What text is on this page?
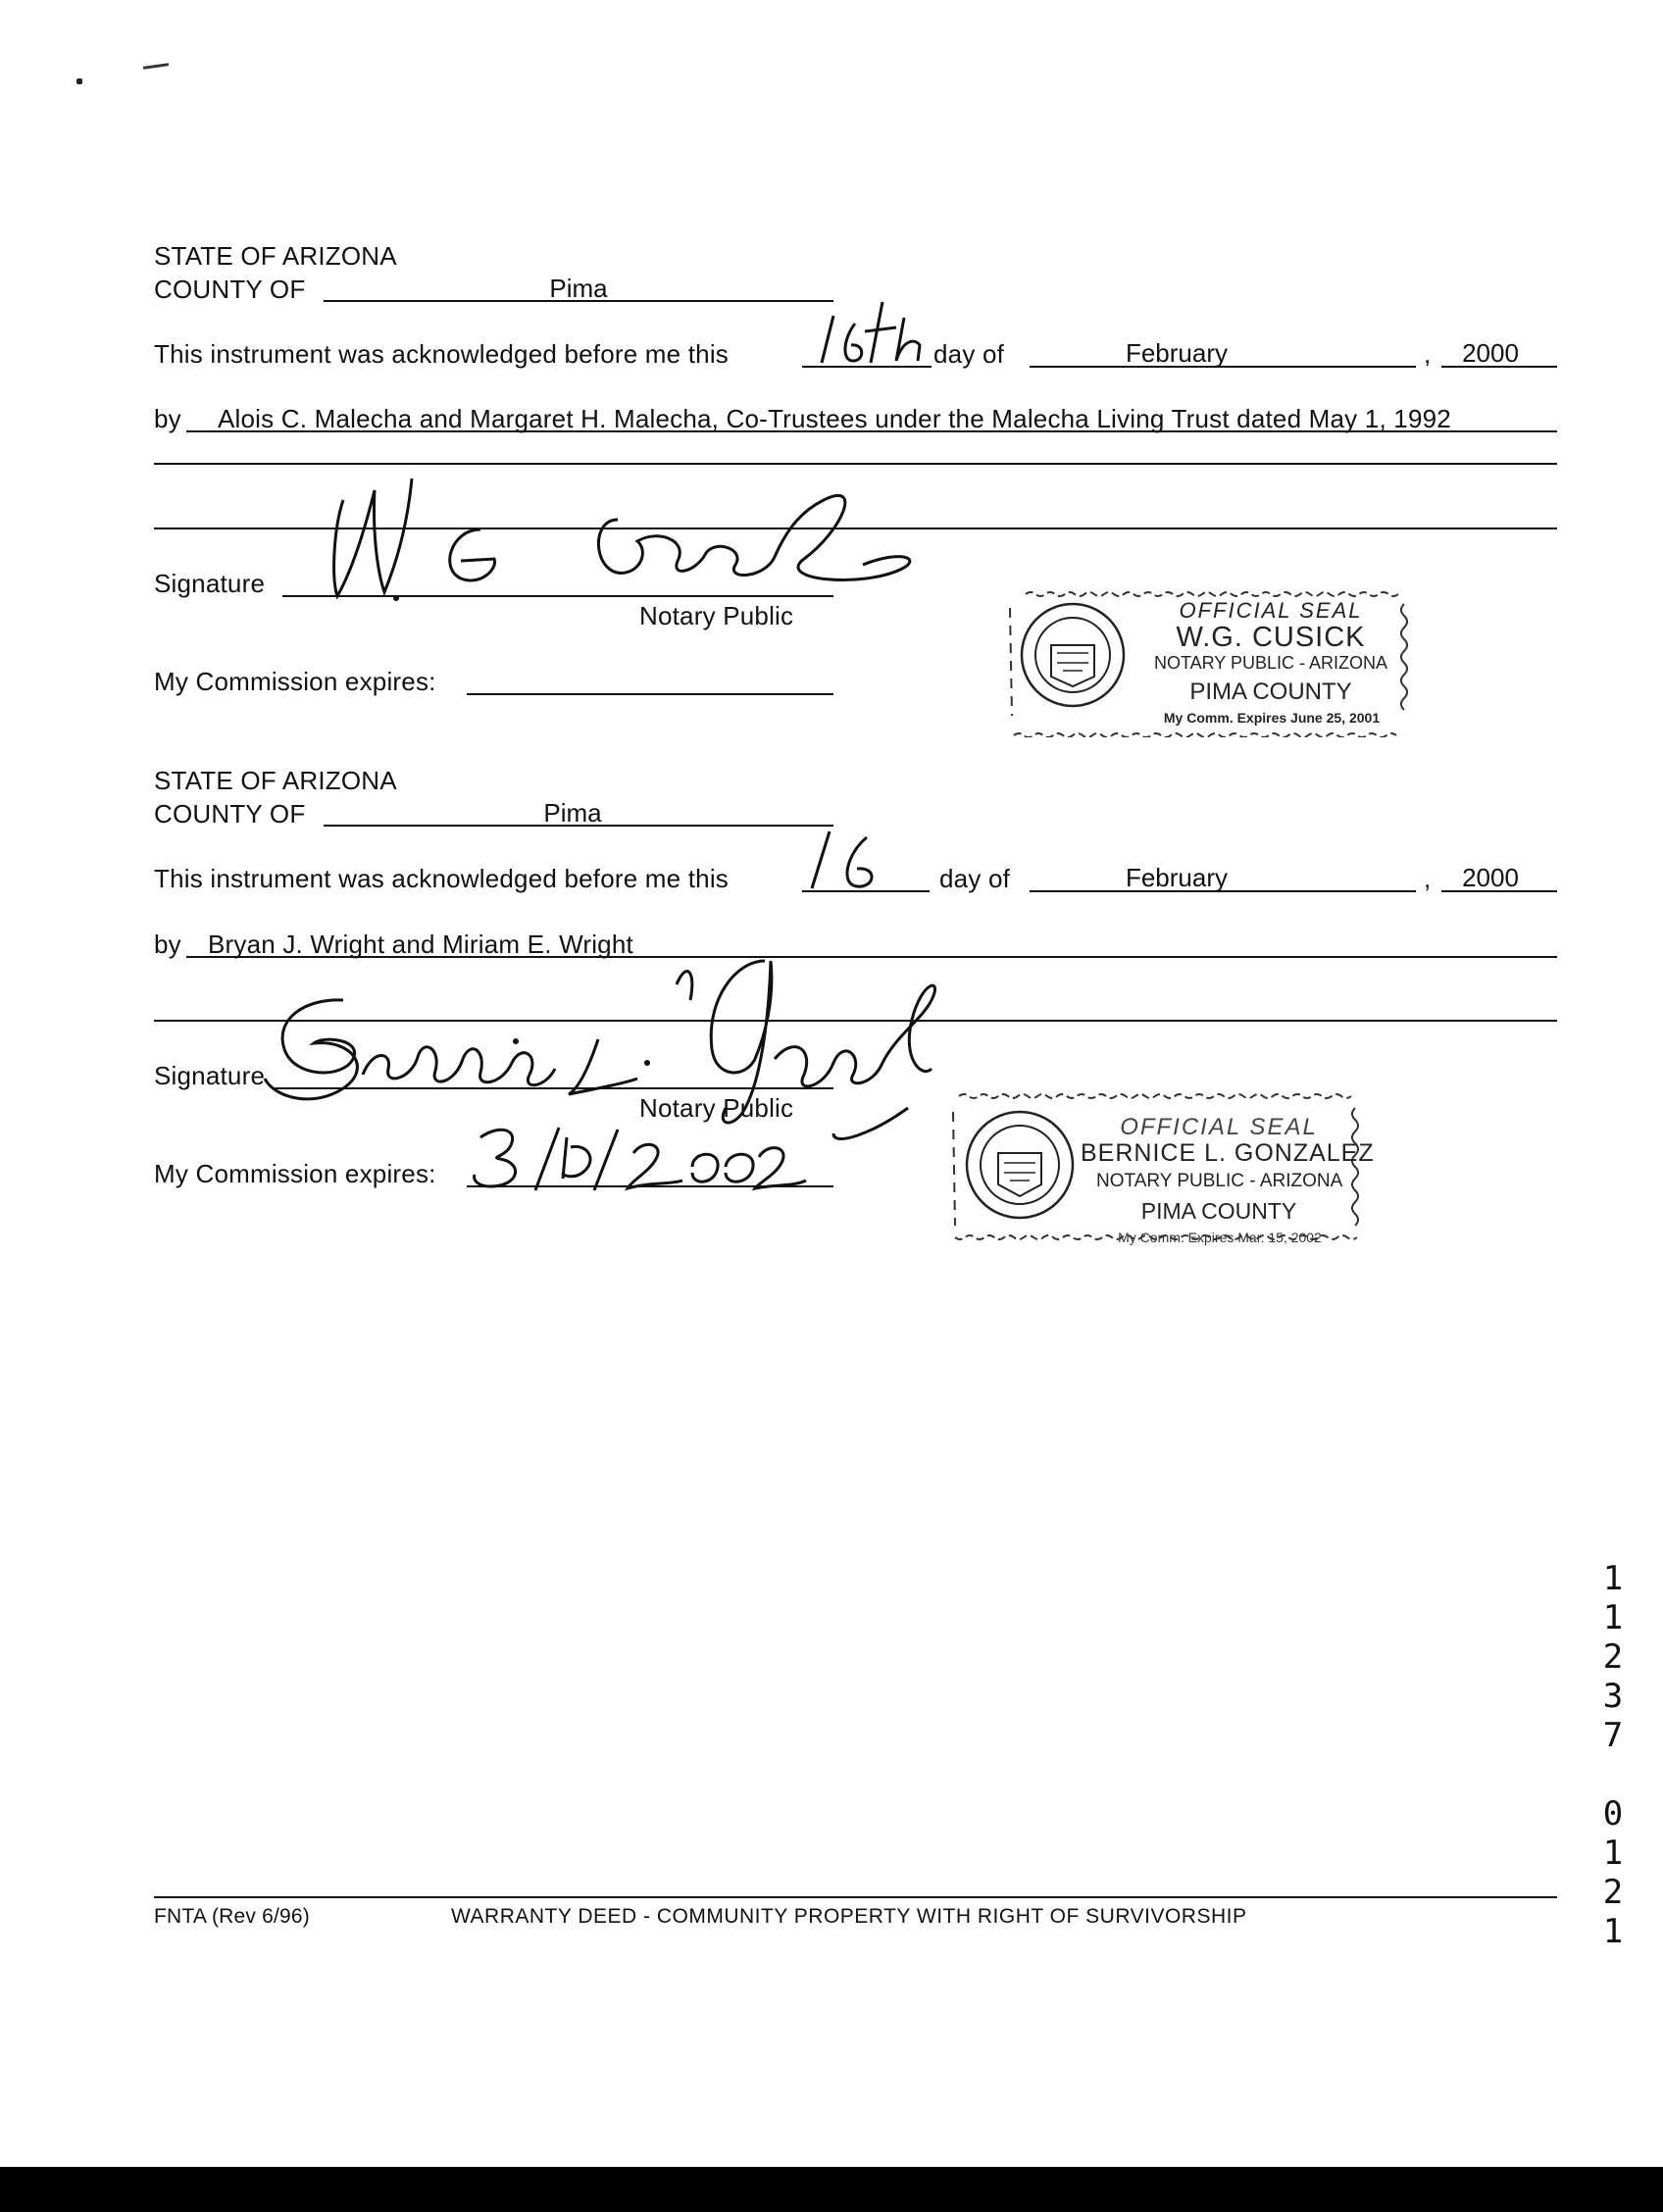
STATE OF ARIZONA
COUNTY OF	Pima
This instrument was acknowledged before me this	day of	February	,	2000
by Alois C. Malecha and Margaret H. Malecha, Co-Trustees under the Malecha Living Trust dated May 1, 1992
Signature
Notary Public
My Commission expires:
OFFICIAL SEAL
W.G. CUSICK
NOTARY PUBLIC - ARIZONA
PIMA COUNTY
My Comm. Expires June 25, 2001
STATE OF ARIZONA
COUNTY OF	Pima
This instrument was acknowledged before me this	day of	February	,	2000
by Bryan J. Wright and Miriam E. Wright
Signature
Notary Public
My Commission expires:
OFFICIAL SEAL
BERNICE L. GONZALEZ
NOTARY PUBLIC - ARIZONA
PIMA COUNTY
My Comm. Expires Mar. 15, 2002
1
1
2
3
7

0
1
2
1
FNTA (Rev 6/96)	WARRANTY DEED - COMMUNITY PROPERTY WITH RIGHT OF SURVIVORSHIP
